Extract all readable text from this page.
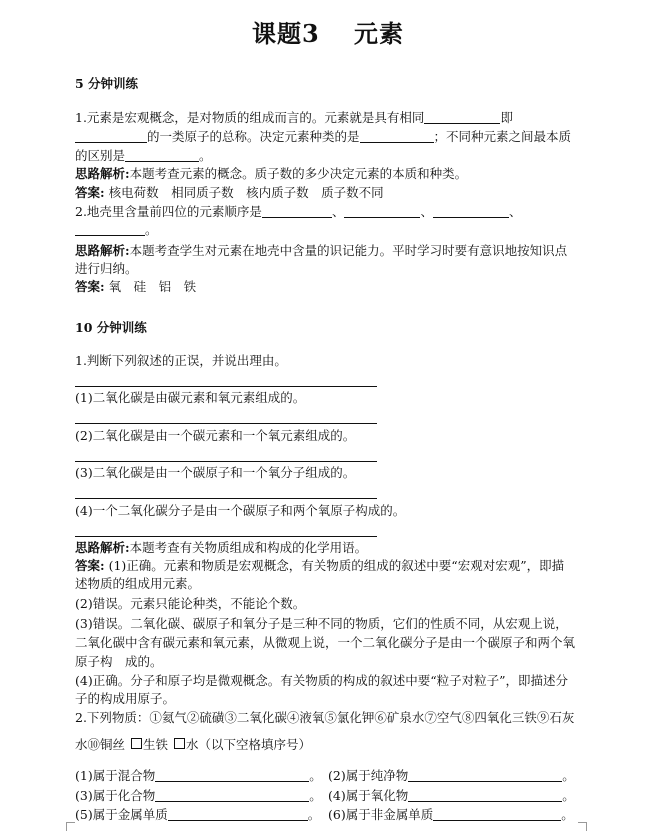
课题3　 元素
5 分钟训练
1.元素是宏观概念，是对物质的组成而言的。元素就是具有相同	即
的一类原子的总称。决定元素种类的是	；不同种元素之间最本质
的区别是	。
思路解析:本题考查元素的概念。质子数的多少决定元素的本质和种类。
答案: 核电荷数　相同质子数　核内质子数　质子数不同
2.地壳里含量前四位的元素顺序是	、	、	、
。
思路解析:本题考查学生对元素在地壳中含量的识记能力。平时学习时要有意识地按知识点
进行归纳。
答案: 氧　硅　铝　铁
10 分钟训练
1.判断下列叙述的正误，并说出理由。
(1)二氧化碳是由碳元素和氧元素组成的。
(2)二氧化碳是由一个碳元素和一个氧元素组成的。
(3)二氧化碳是由一个碳原子和一个氧分子组成的。
(4)一个二氧化碳分子是由一个碳原子和两个氧原子构成的。
思路解析:本题考查有关物质组成和构成的化学用语。
答案: (1)正确。元素和物质是宏观概念，有关物质的组成的叙述中要“宏观对宏观”，即描
述物质的组成用元素。
(2)错误。元素只能论种类，不能论个数。
(3)错误。二氧化碳、碳原子和氧分子是三种不同的物质，它们的性质不同，从宏观上说，
二氧化碳中含有碳元素和氧元素，从微观上说，一个二氧化碳分子是由一个碳原子和两个氧
原子构　成的。
(4)正确。分子和原子均是微观概念。有关物质的构成的叙述中要“粒子对粒子”，即描述分
子的构成用原子。
2.下列物质：①氦气②硫磺③二氧化碳④液氧⑤氯化钾⑥矿泉水⑦空气⑧四氧化三铁⑨石灰
水⑩铜丝 生铁 水（以下空格填序号）
(1)属于混合物	。 (2)属于纯净物	。
(3)属于化合物	。 (4)属于氧化物	。
(5)属于金属单质	。 (6)属于非金属单质	。
